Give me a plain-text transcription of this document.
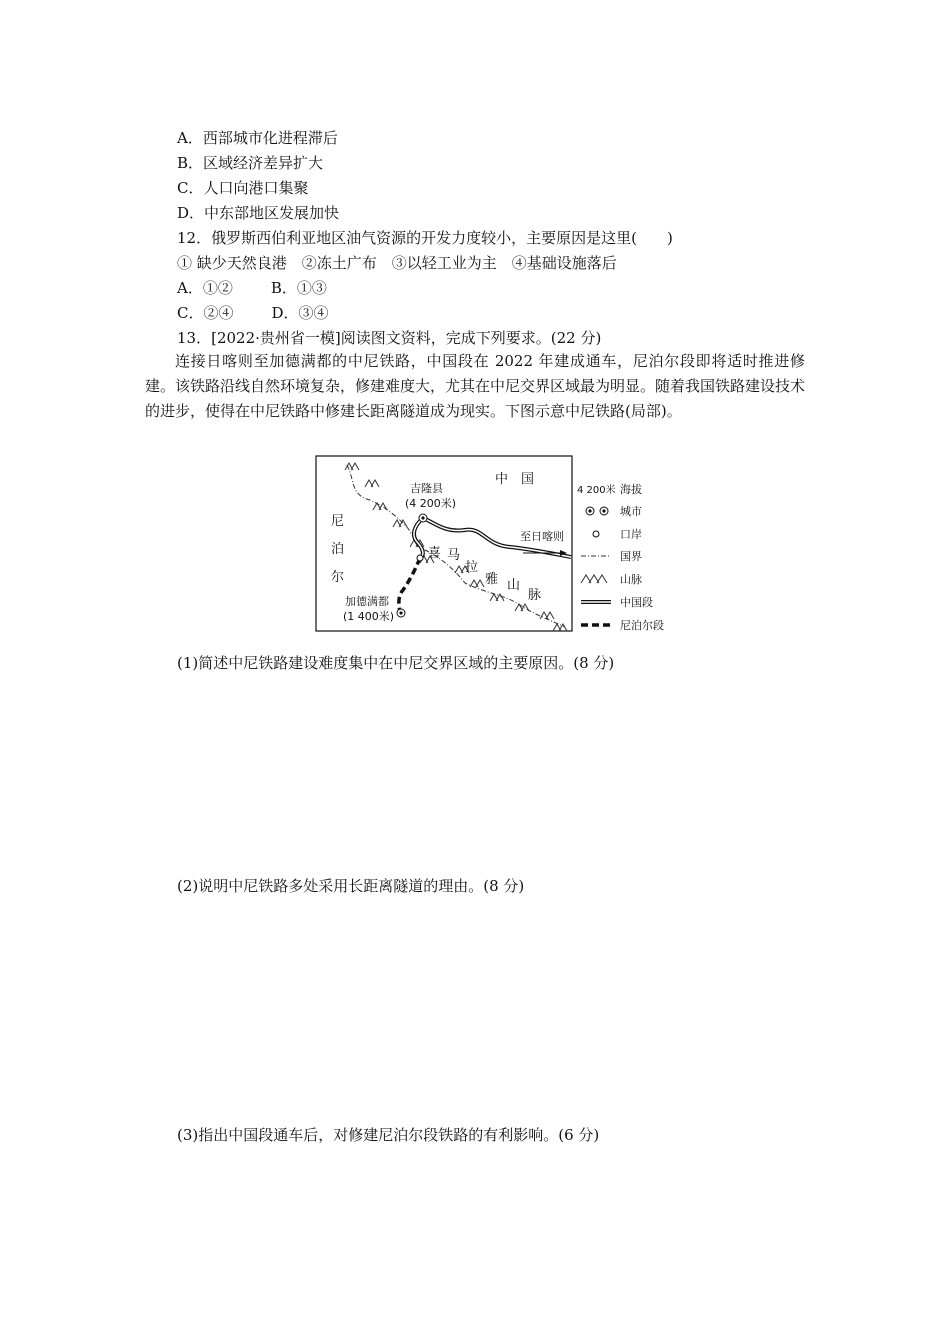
A．西部城市化进程滞后
B．区域经济差异扩大
C．人口向港口集聚
D．中东部地区发展加快
12．俄罗斯西伯利亚地区油气资源的开发力度较小，主要原因是这里(　　)
① 缺少天然良港　②冻土广布　③以轻工业为主　④基础设施落后
A．①②	B．①③
C．②④	D．③④
13．[2022·贵州省一模]阅读图文资料，完成下列要求。(22 分)
连接日喀则至加德满都的中尼铁路，中国段在 2022 年建成通车，尼泊尔段即将适时推进修建。该铁路沿线自然环境复杂，修建难度大，尤其在中尼交界区域最为明显。随着我国铁路建设技术的进步，使得在中尼铁路中修建长距离隧道成为现实。下图示意中尼铁路(局部)。
中　国
尼
泊
尔
吉隆县
(4 200米)
加德满都
(1 400米)
至日喀则
喜 马
拉
雅 山
脉
4 200米 海拔
城市
口岸
国界
山脉
中国段
尼泊尔段
(1)简述中尼铁路建设难度集中在中尼交界区域的主要原因。(8 分)
(2)说明中尼铁路多处采用长距离隧道的理由。(8 分)
(3)指出中国段通车后，对修建尼泊尔段铁路的有利影响。(6 分)
